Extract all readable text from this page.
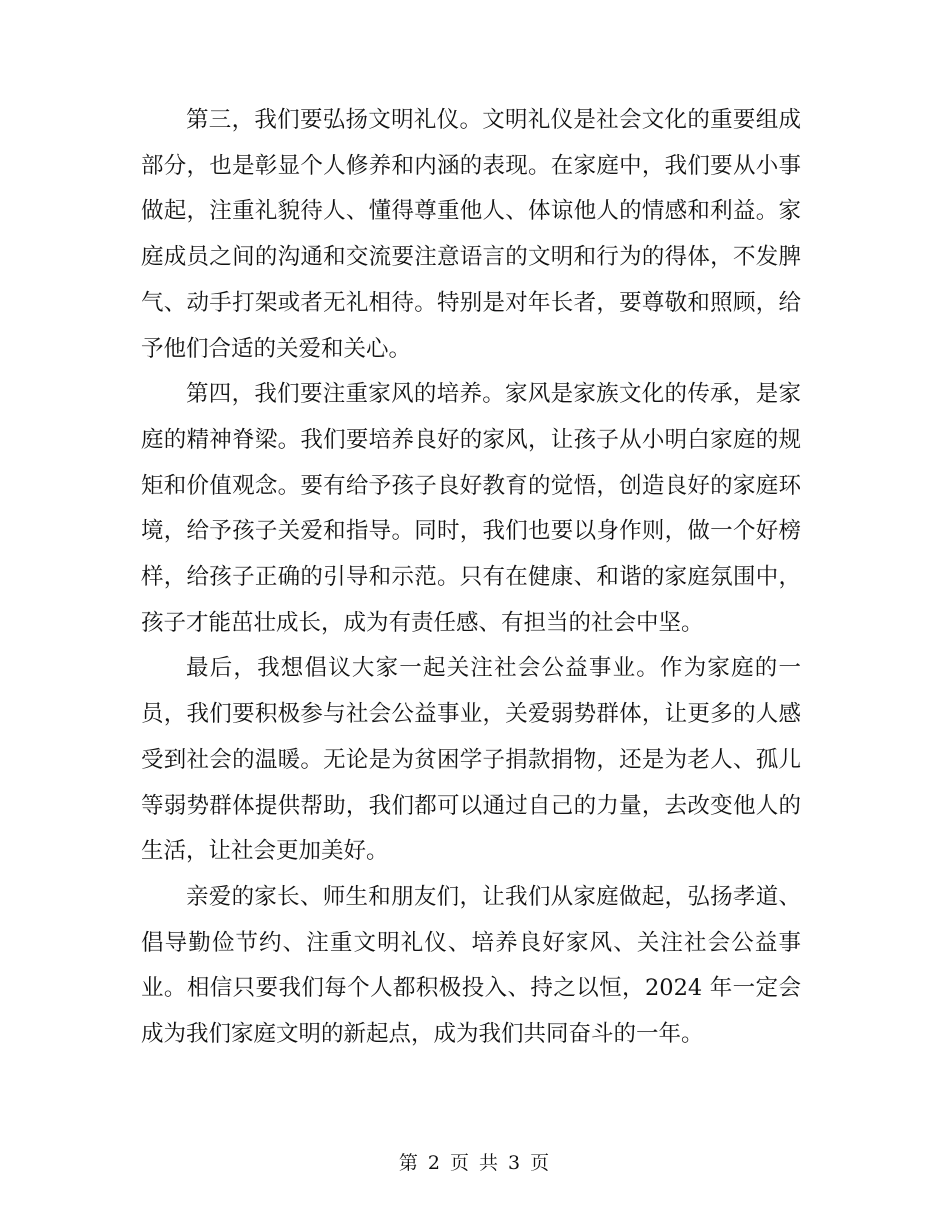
第三，我们要弘扬文明礼仪。文明礼仪是社会文化的重要组成部分，也是彰显个人修养和内涵的表现。在家庭中，我们要从小事做起，注重礼貌待人、懂得尊重他人、体谅他人的情感和利益。家庭成员之间的沟通和交流要注意语言的文明和行为的得体，不发脾气、动手打架或者无礼相待。特别是对年长者，要尊敬和照顾，给予他们合适的关爱和关心。

第四，我们要注重家风的培养。家风是家族文化的传承，是家庭的精神脊梁。我们要培养良好的家风，让孩子从小明白家庭的规矩和价值观念。要有给予孩子良好教育的觉悟，创造良好的家庭环境，给予孩子关爱和指导。同时，我们也要以身作则，做一个好榜样，给孩子正确的引导和示范。只有在健康、和谐的家庭氛围中，孩子才能茁壮成长，成为有责任感、有担当的社会中坚。

最后，我想倡议大家一起关注社会公益事业。作为家庭的一员，我们要积极参与社会公益事业，关爱弱势群体，让更多的人感受到社会的温暖。无论是为贫困学子捐款捐物，还是为老人、孤儿等弱势群体提供帮助，我们都可以通过自己的力量，去改变他人的生活，让社会更加美好。

亲爱的家长、师生和朋友们，让我们从家庭做起，弘扬孝道、倡导勤俭节约、注重文明礼仪、培养良好家风、关注社会公益事业。相信只要我们每个人都积极投入、持之以恒，2024 年一定会成为我们家庭文明的新起点，成为我们共同奋斗的一年。

第 2 页 共 3 页
